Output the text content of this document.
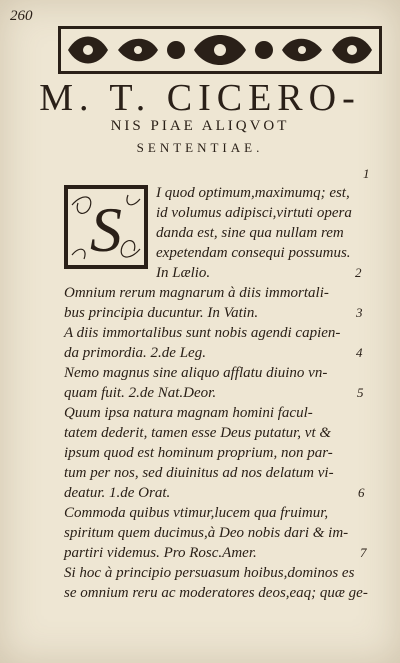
260
M. T. CICERO-
NIS PIAE ALIQVOT
SENTENTIAE.
1
S
I quod optimum,maximumq; est,
id volumus adipisci,virtuti opera
danda est, sine qua nullam rem
expetendam consequi possumus.
In Lælio.	2
Omnium rerum magnarum à diis immortali-
bus principia ducuntur. In Vatin.	3
A diis immortalibus sunt nobis agendi capien-
da primordia. 2.de Leg.	4
Nemo magnus sine aliquo afflatu diuino vn-
quam fuit. 2.de Nat.Deor.	5
Quum ipsa natura magnam homini facul-
tatem dederit, tamen esse Deus putatur, vt &
ipsum quod est hominum proprium, non par-
tum per nos, sed diuinitus ad nos delatum vi-
deatur. 1.de Orat.	6
Commoda quibus vtimur,lucem qua fruimur,
spiritum quem ducimus,à Deo nobis dari & im-
partiri videmus. Pro Rosc.Amer.	7
Si hoc à principio persuasum hoibus,dominos es
se omnium reru ac moderatores deos,eaq; quæ ge-
